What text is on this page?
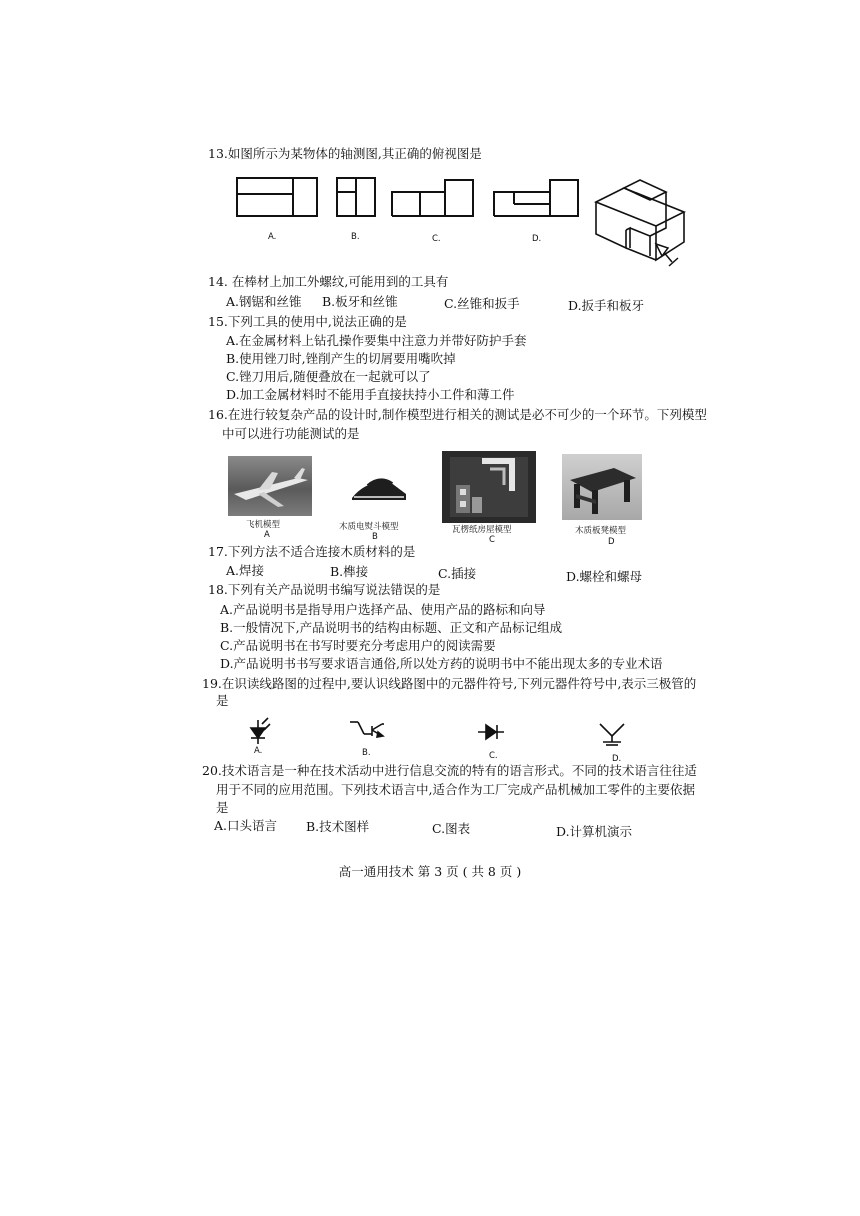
13.如图所示为某物体的轴测图,其正确的俯视图是
A.	B.	C.	D.
14. 在棒材上加工外螺纹,可能用到的工具有
A.钢锯和丝锥 B.板牙和丝锥	C.丝锥和扳手	D.扳手和板牙
15.下列工具的使用中,说法正确的是
A.在金属材料上钻孔操作要集中注意力并带好防护手套
B.使用锉刀时,锉削产生的切屑要用嘴吹掉
C.锉刀用后,随便叠放在一起就可以了
D.加工金属材料时不能用手直接扶持小工件和薄工件
16.在进行较复杂产品的设计时,制作模型进行相关的测试是必不可少的一个环节。下列模型
中可以进行功能测试的是
飞机模型
A
木质电熨斗模型
B
瓦楞纸房屋模型
C
木质板凳模型
D
17.下列方法不适合连接木质材料的是
A.焊接	B.榫接	C.插接	D.螺栓和螺母
18.下列有关产品说明书编写说法错误的是
A.产品说明书是指导用户选择产品、使用产品的路标和向导
B.一般情况下,产品说明书的结构由标题、正文和产品标记组成
C.产品说明书在书写时要充分考虑用户的阅读需要
D.产品说明书书写要求语言通俗,所以处方药的说明书中不能出现太多的专业术语
19.在识读线路图的过程中,要认识线路图中的元器件符号,下列元器件符号中,表示三极管的
是
A.	B.	C.	D.
20.技术语言是一种在技术活动中进行信息交流的特有的语言形式。不同的技术语言往往适
用于不同的应用范围。下列技术语言中,适合作为工厂完成产品机械加工零件的主要依据
是
A.口头语言 B.技术图样	C.图表	D.计算机演示
高一通用技术 第 3 页 ( 共 8 页 )
